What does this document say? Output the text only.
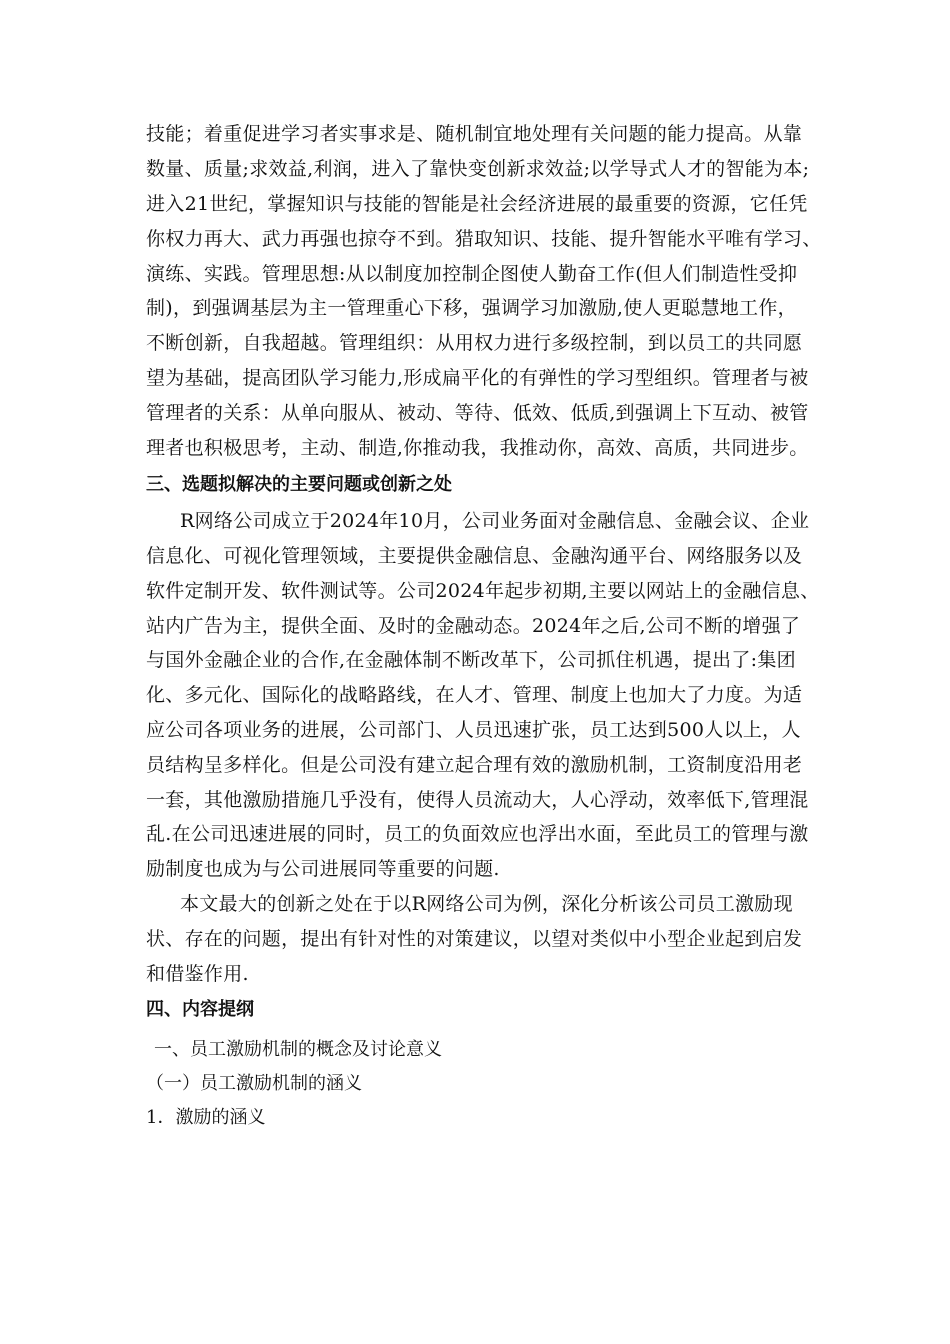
技能；着重促进学习者实事求是、随机制宜地处理有关问题的能力提高。从靠
数量、质量;求效益,利润，进入了靠快变创新求效益;以学导式人才的智能为本;
进入21世纪，掌握知识与技能的智能是社会经济进展的最重要的资源，它任凭
你权力再大、武力再强也掠夺不到。猎取知识、技能、提升智能水平唯有学习、
演练、实践。管理思想:从以制度加控制企图使人勤奋工作(但人们制造性受抑
制)，到强调基层为主一管理重心下移，强调学习加激励,使人更聪慧地工作，
不断创新，自我超越。管理组织：从用权力进行多级控制，到以员工的共同愿
望为基础，提高团队学习能力,形成扁平化的有弹性的学习型组织。管理者与被
管理者的关系：从单向服从、被动、等待、低效、低质,到强调上下互动、被管
理者也积极思考，主动、制造,你推动我，我推动你，高效、高质，共同进步。
三、选题拟解决的主要问题或创新之处
R网络公司成立于2024年10月，公司业务面对金融信息、金融会议、企业
信息化、可视化管理领域，主要提供金融信息、金融沟通平台、网络服务以及
软件定制开发、软件测试等。公司2024年起步初期,主要以网站上的金融信息、
站内广告为主，提供全面、及时的金融动态。2024年之后,公司不断的增强了
与国外金融企业的合作,在金融体制不断改革下，公司抓住机遇，提出了:集团
化、多元化、国际化的战略路线，在人才、管理、制度上也加大了力度。为适
应公司各项业务的进展，公司部门、人员迅速扩张，员工达到500人以上，人
员结构呈多样化。但是公司没有建立起合理有效的激励机制，工资制度沿用老
一套，其他激励措施几乎没有，使得人员流动大，人心浮动，效率低下,管理混
乱.在公司迅速进展的同时，员工的负面效应也浮出水面，至此员工的管理与激
励制度也成为与公司进展同等重要的问题.
本文最大的创新之处在于以R网络公司为例，深化分析该公司员工激励现
状、存在的问题，提出有针对性的对策建议，以望对类似中小型企业起到启发
和借鉴作用.
四、内容提纲
一、员工激励机制的概念及讨论意义
（一）员工激励机制的涵义
1．激励的涵义
